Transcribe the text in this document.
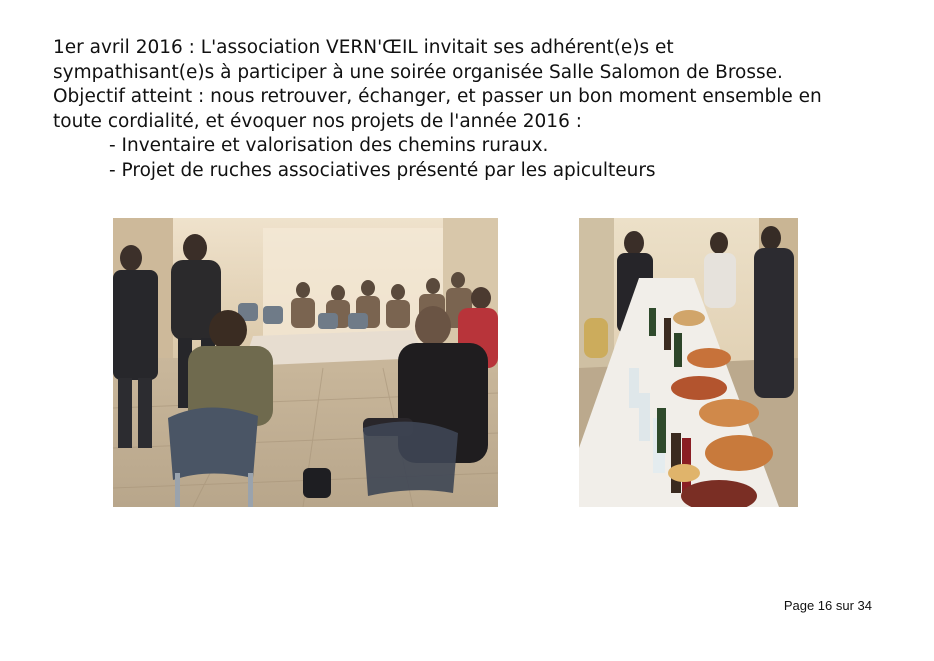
1er avril 2016 : L'association VERN'ŒIL invitait ses adhérent(e)s et

sympathisant(e)s à participer à une soirée organisée Salle Salomon de Brosse.

Objectif atteint : nous retrouver, échanger, et passer un bon moment ensemble en

toute cordialité, et évoquer nos projets de l'année 2016 :

- Inventaire et valorisation des chemins ruraux.

- Projet de ruches associatives présenté par les apiculteurs

Page 16 sur 34
